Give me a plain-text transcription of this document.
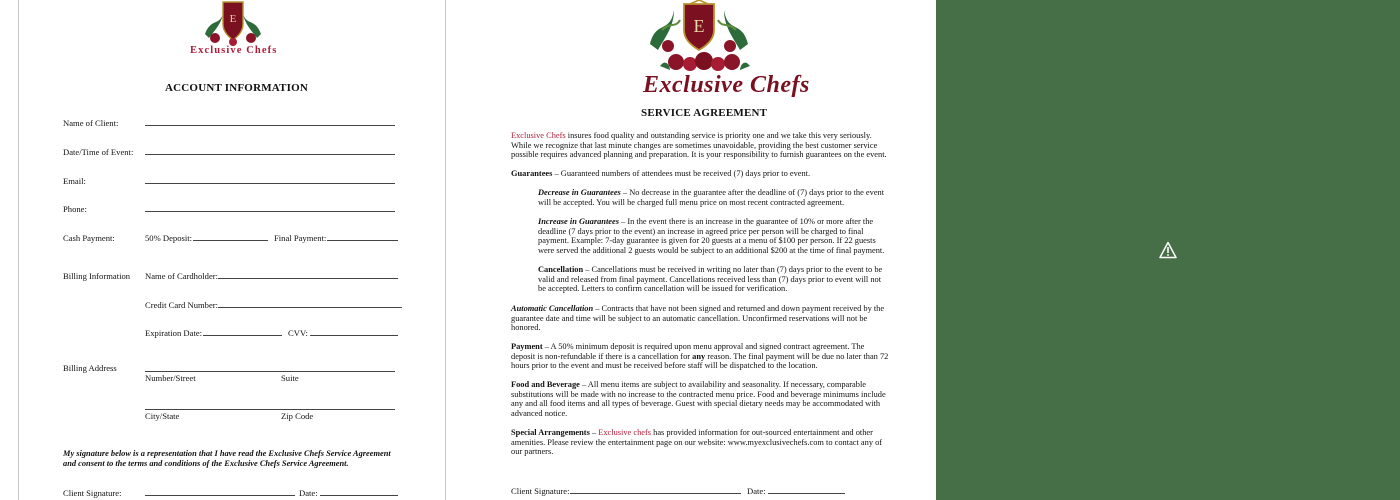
E
Exclusive Chefs
ACCOUNT INFORMATION
Name of Client:
Date/Time of Event:
Email:
Phone:
Cash Payment:	50% Deposit:	Final Payment:
Billing Information Name of Cardholder:
Credit Card Number:
Expiration Date:	CVV:
Billing Address
Number/Street	Suite
City/State	Zip Code
My signature below is a representation that I have read the Exclusive Chefs Service Agreement and consent to the terms and conditions of the Exclusive Chefs Service Agreement.
Client Signature:	Date:
E
Exclusive Chefs
SERVICE AGREEMENT
Exclusive Chefs insures food quality and outstanding service is priority one and we take this very seriously. While we recognize that last minute changes are sometimes unavoidable, providing the best customer service possible requires advanced planning and preparation. It is your responsibility to furnish guarantees on the event.
Guarantees – Guaranteed numbers of attendees must be received (7) days prior to event.
Decrease in Guarantees – No decrease in the guarantee after the deadline of (7) days prior to the event will be accepted. You will be charged full menu price on most recent contracted agreement.
Increase in Guarantees – In the event there is an increase in the guarantee of 10% or more after the deadline (7 days prior to the event) an increase in agreed price per person will be charged to final payment. Example: 7-day guarantee is given for 20 guests at a menu of $100 per person. If 22 guests were served the additional 2 guests would be subject to an additional $200 at the time of final payment.
Cancellation – Cancellations must be received in writing no later than (7) days prior to the event to be valid and released from final payment. Cancellations received less than (7) days prior to event will not be accepted. Letters to confirm cancellation will be issued for verification.
Automatic Cancellation – Contracts that have not been signed and returned and down payment received by the guarantee date and time will be subject to an automatic cancellation. Unconfirmed reservations will not be honored.
Payment – A 50% minimum deposit is required upon menu approval and signed contract agreement. The deposit is non-refundable if there is a cancellation for any reason. The final payment will be due no later than 72 hours prior to the event and must be received before staff will be dispatched to the location.
Food and Beverage – All menu items are subject to availability and seasonality. If necessary, comparable substitutions will be made with no increase to the contracted menu price. Food and beverage minimums include any and all food items and all types of beverage. Guest with special dietary needs may be accommodated with advanced notice.
Special Arrangements – Exclusive chefs has provided information for out-sourced entertainment and other amenities. Please review the entertainment page on our website: www.myexclusivechefs.com to contact any of our partners.
Client Signature:	Date:
